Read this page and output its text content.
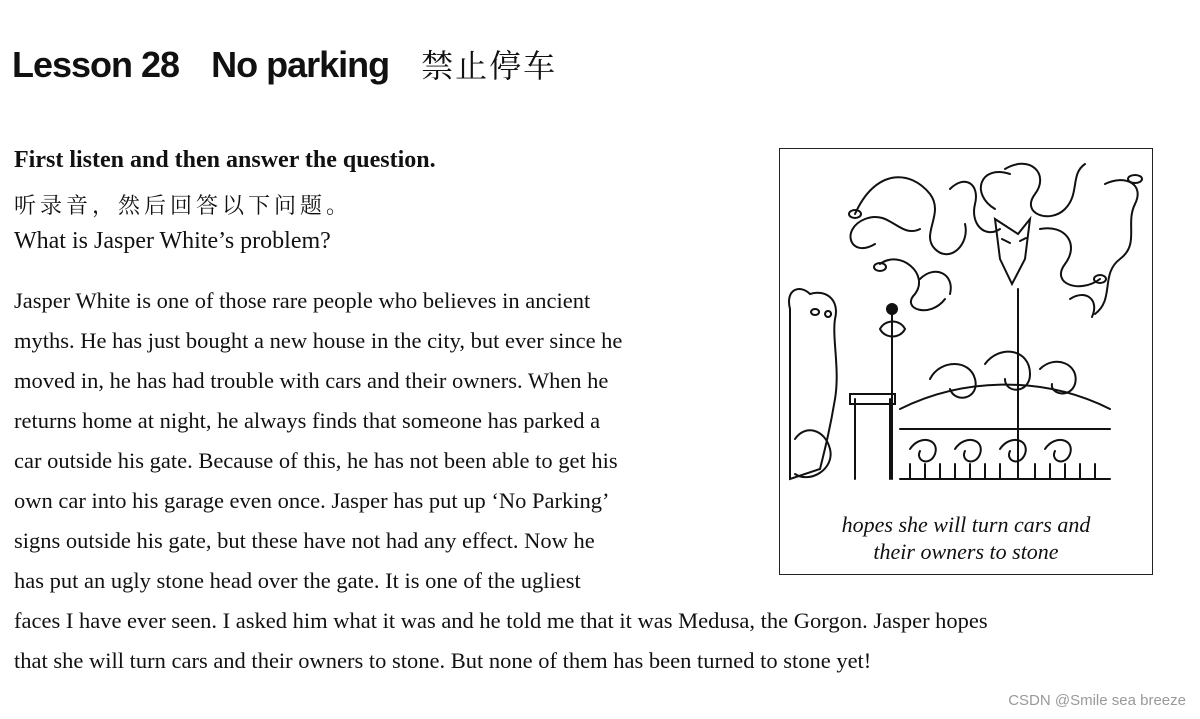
Lesson 28 No parking 禁止停车
First listen and then answer the question.
听录音，然后回答以下问题。
What is Jasper White’s problem?
Jasper White is one of those rare people who believes in ancient
myths. He has just bought a new house in the city, but ever since he
moved in, he has had trouble with cars and their owners. When he
returns home at night, he always finds that someone has parked a
car outside his gate. Because of this, he has not been able to get his
own car into his garage even once. Jasper has put up ‘No Parking’
signs outside his gate, but these have not had any effect. Now he
has put an ugly stone head over the gate. It is one of the ugliest
faces I have ever seen. I asked him what it was and he told me that it was Medusa, the Gorgon. Jasper hopes
that she will turn cars and their owners to stone. But none of them has been turned to stone yet!
hopes she will turn cars and
their owners to stone
CSDN @Smile sea breeze
